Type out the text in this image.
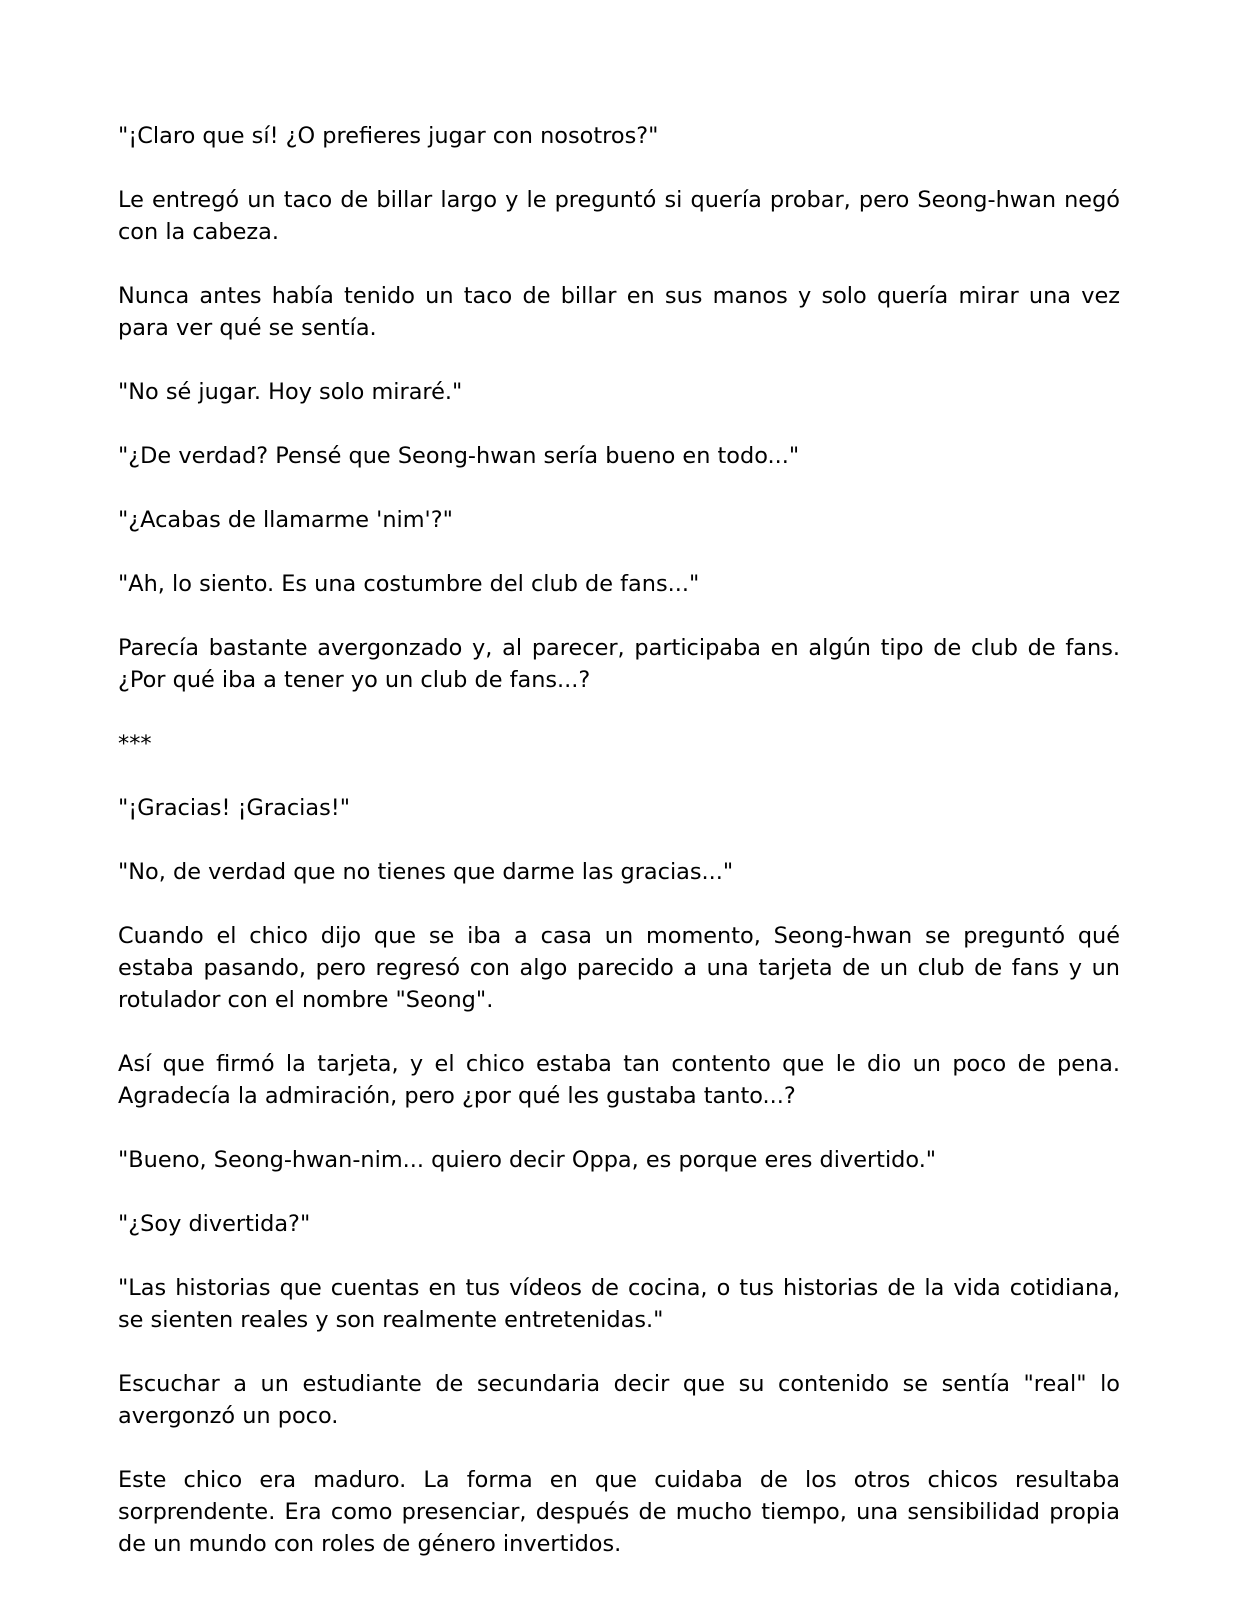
"¡Claro que sí! ¿O prefieres jugar con nosotros?"

Le entregó un taco de billar largo y le preguntó si quería probar, pero Seong-hwan negó con la cabeza.

Nunca antes había tenido un taco de billar en sus manos y solo quería mirar una vez para ver qué se sentía.

"No sé jugar. Hoy solo miraré."

"¿De verdad? Pensé que Seong-hwan sería bueno en todo..."

"¿Acabas de llamarme 'nim'?"

"Ah, lo siento. Es una costumbre del club de fans..."

Parecía bastante avergonzado y, al parecer, participaba en algún tipo de club de fans. ¿Por qué iba a tener yo un club de fans...?

***

"¡Gracias! ¡Gracias!"

"No, de verdad que no tienes que darme las gracias..."

Cuando el chico dijo que se iba a casa un momento, Seong-hwan se preguntó qué estaba pasando, pero regresó con algo parecido a una tarjeta de un club de fans y un rotulador con el nombre "Seong".

Así que firmó la tarjeta, y el chico estaba tan contento que le dio un poco de pena. Agradecía la admiración, pero ¿por qué les gustaba tanto...?

"Bueno, Seong-hwan-nim... quiero decir Oppa, es porque eres divertido."

"¿Soy divertida?"

"Las historias que cuentas en tus vídeos de cocina, o tus historias de la vida cotidiana, se sienten reales y son realmente entretenidas."

Escuchar a un estudiante de secundaria decir que su contenido se sentía "real" lo avergonzó un poco.

Este chico era maduro. La forma en que cuidaba de los otros chicos resultaba sorprendente. Era como presenciar, después de mucho tiempo, una sensibilidad propia de un mundo con roles de género invertidos.
